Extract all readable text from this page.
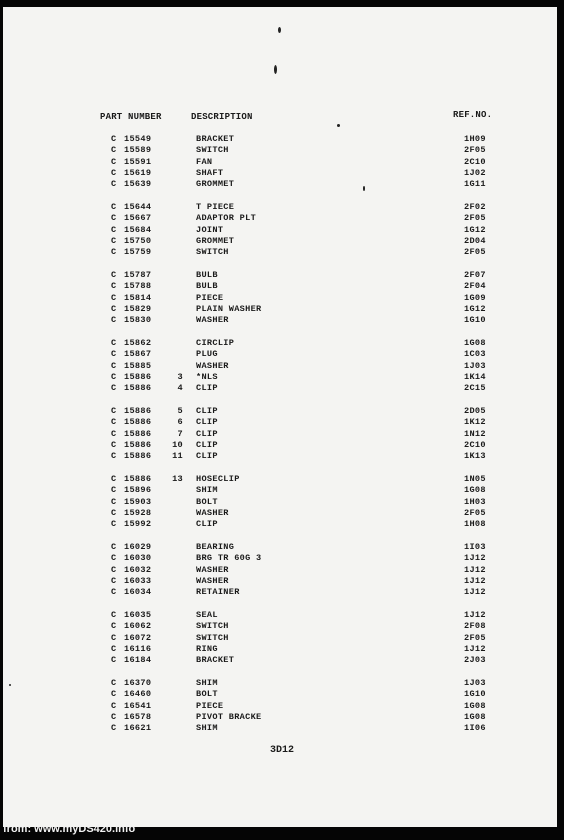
PART NUMBER	DESCRIPTION	REF.NO.
C 15549	BRACKET	1H09
C 15589	SWITCH	2F05
C 15591	FAN	2C10
C 15619	SHAFT	1J02
C 15639	GROMMET	1G11
C 15644	T PIECE	2F02
C 15667	ADAPTOR PLT	2F05
C 15684	JOINT	1G12
C 15750	GROMMET	2D04
C 15759	SWITCH	2F05
C 15787	BULB	2F07
C 15788	BULB	2F04
C 15814	PIECE	1G09
C 15829	PLAIN WASHER	1G12
C 15830	WASHER	1G10
C 15862	CIRCLIP	1G08
C 15867	PLUG	1C03
C 15885	WASHER	1J03
C 15886	3 *NLS	1K14
C 15886	4 CLIP	2C15
C 15886	5 CLIP	2D05
C 15886	6 CLIP	1K12
C 15886	7 CLIP	1N12
C 15886 10 CLIP	2C10
C 15886 11 CLIP	1K13
C 15886 13 HOSECLIP	1N05
C 15896	SHIM	1G08
C 15903	BOLT	1H03
C 15928	WASHER	2F05
C 15992	CLIP	1H08
C 16029	BEARING	1I03
C 16030	BRG TR 60G 3	1J12
C 16032	WASHER	1J12
C 16033	WASHER	1J12
C 16034	RETAINER	1J12
C 16035	SEAL	1J12
C 16062	SWITCH	2F08
C 16072	SWITCH	2F05
C 16116	RING	1J12
C 16184	BRACKET	2J03
C 16370	SHIM	1J03
C 16460	BOLT	1G10
C 16541	PIECE	1G08
C 16578	PIVOT BRACKE	1G08
C 16621	SHIM	1I06
3D12
from: www.myDS420.info
